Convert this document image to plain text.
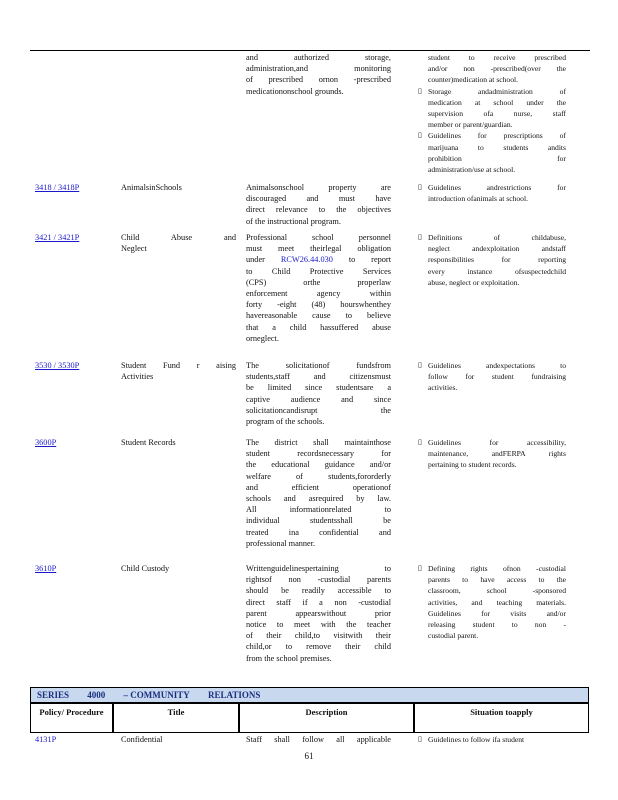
and authorized storage,
administration,and monitoring
of prescribed ornon -prescribed
medicationonschool grounds.
student to receive prescribed
and/or non -prescribed(over the
counter)medication at school.
▯ Storage andadministration of
medication at school under the
supervision ofa nurse, staff
member or parent/guardian.
▯ Guidelines for prescriptions of
marijuana to students andits
prohibition for
administration/use at school.
3418 / 3418P	AnimalsinSchools	Animalsonschool property are
discouraged and must have
direct relevance to the objectives
of the instructional program.
▯ Guidelines andrestrictions for
introduction ofanimals at school.
3421 / 3421P	Child Abuse and
Neglect
Professional school personnel
must meet theirlegal obligation
under RCW26.44.030 to report
to Child Protective Services
(CPS) orthe properlaw
enforcement agency within
forty -eight (48) hourswhenthey
havereasonable cause to believe
that a child hassuffered abuse
orneglect.
▯ Definitions of childabuse,
neglect andexploitation andstaff
responsibilities for reporting
every instance ofsuspectedchild
abuse, neglect or exploitation.
3530 / 3530P	Student Fund r aising
Activities
The solicitationof fundsfrom
students,staff and citizensmust
be limited since studentsare a
captive audience and since
solicitationcandisrupt the
program of the schools.
▯ Guidelines andexpectations to
follow for student fundraising
activities.
3600P	Student Records	The district shall maintainthose
student recordsnecessary for
the educational guidance and/or
welfare of students,fororderly
and efficient operationof
schools and asrequired by law.
All informationrelated to
individual studentsshall be
treated ina confidential and
professional manner.
▯ Guidelines for accessibility,
maintenance, andFERPA rights
pertaining to student records.
3610P	Child Custody	Writtenguidelinespertaining to
rightsof non -custodial parents
should be readily accessible to
direct staff if a non -custodial
parent appearswithout prior
notice to meet with the teacher
of their child,to visitwith their
child,or to remove their child
from the school premises.
▯ Defining rights ofnon -custodial
parents to have access to the
classroom, school -sponsored
activities, and teaching materials.
Guidelines for visits and/or
releasing student to non -
custodial parent.
SERIES 4000 – COMMUNITY RELATIONS
Policy/ Procedure	Title	Description	Situation toapply
4131P	Confidential	Staff shall follow all applicable
▯	Guidelines to follow ifa student
61
